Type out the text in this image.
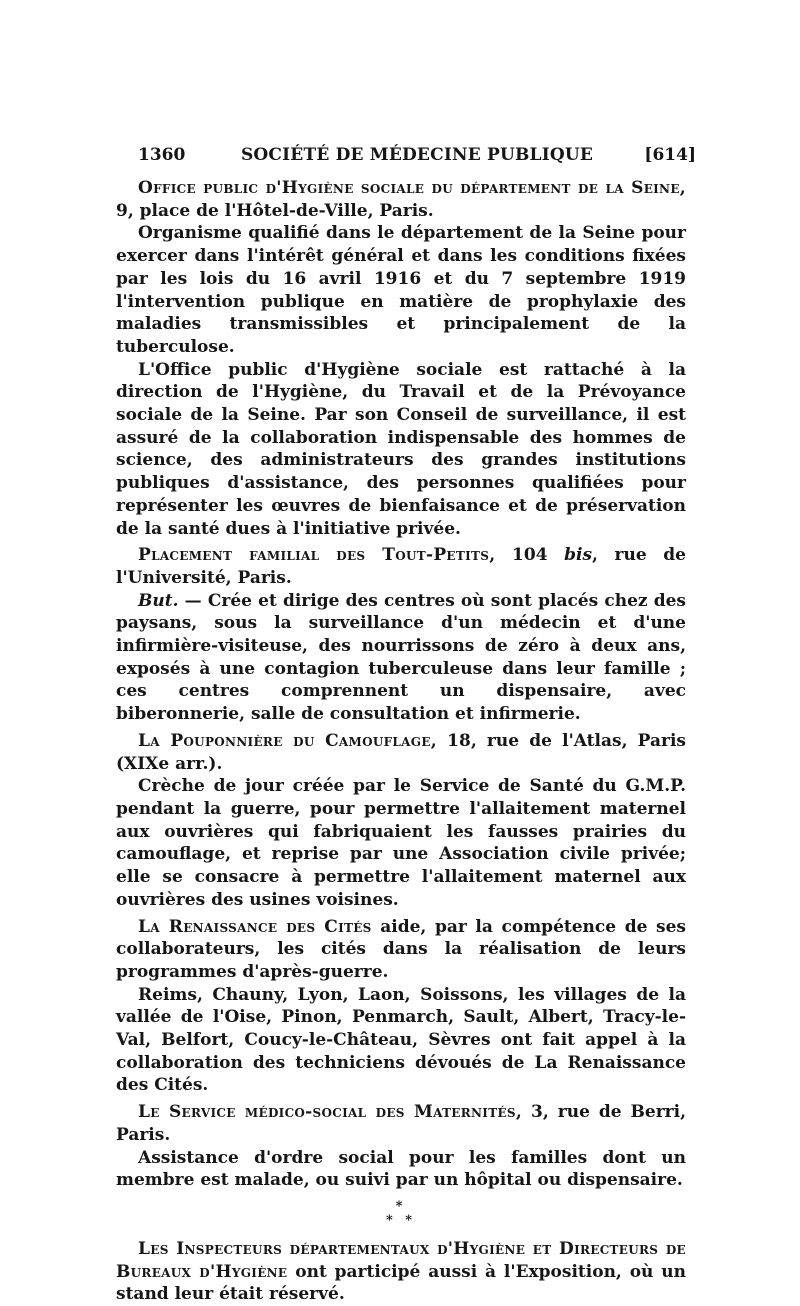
1360	SOCIÉTÉ DE MÉDECINE PUBLIQUE	[614]

Office public d'Hygiène sociale du département de la Seine, 9, place de l'Hôtel-de-Ville, Paris.

Organisme qualifié dans le département de la Seine pour exercer dans l'intérêt général et dans les conditions fixées par les lois du 16 avril 1916 et du 7 septembre 1919 l'intervention publique en matière de prophylaxie des maladies transmissibles et principalement de la tuberculose.

L'Office public d'Hygiène sociale est rattaché à la direction de l'Hygiène, du Travail et de la Prévoyance sociale de la Seine. Par son Conseil de surveillance, il est assuré de la collaboration indispensable des hommes de science, des administrateurs des grandes institutions publiques d'assistance, des personnes qualifiées pour représenter les œuvres de bienfaisance et de préservation de la santé dues à l'initiative privée.

Placement familial des Tout-Petits, 104 bis, rue de l'Université, Paris.

But. — Crée et dirige des centres où sont placés chez des paysans, sous la surveillance d'un médecin et d'une infirmière-visiteuse, des nourrissons de zéro à deux ans, exposés à une contagion tuberculeuse dans leur famille ; ces centres comprennent un dispensaire, avec biberonnerie, salle de consultation et infirmerie.

La Pouponnière du Camouflage, 18, rue de l'Atlas, Paris (XIXe arr.).

Crèche de jour créée par le Service de Santé du G.M.P. pendant la guerre, pour permettre l'allaitement maternel aux ouvrières qui fabriquaient les fausses prairies du camouflage, et reprise par une Association civile privée; elle se consacre à permettre l'allaitement maternel aux ouvrières des usines voisines.

La Renaissance des Cités aide, par la compétence de ses collaborateurs, les cités dans la réalisation de leurs programmes d'après-guerre.

Reims, Chauny, Lyon, Laon, Soissons, les villages de la vallée de l'Oise, Pinon, Penmarch, Sault, Albert, Tracy-le-Val, Belfort, Coucy-le-Château, Sèvres ont fait appel à la collaboration des techniciens dévoués de La Renaissance des Cités.

Le Service médico-social des Maternités, 3, rue de Berri, Paris.

Assistance d'ordre social pour les familles dont un membre est malade, ou suivi par un hôpital ou dispensaire.

*
* *

Les Inspecteurs départementaux d'Hygiène et Directeurs de Bureaux d'Hygiène ont participé aussi à l'Exposition, où un stand leur était réservé.
